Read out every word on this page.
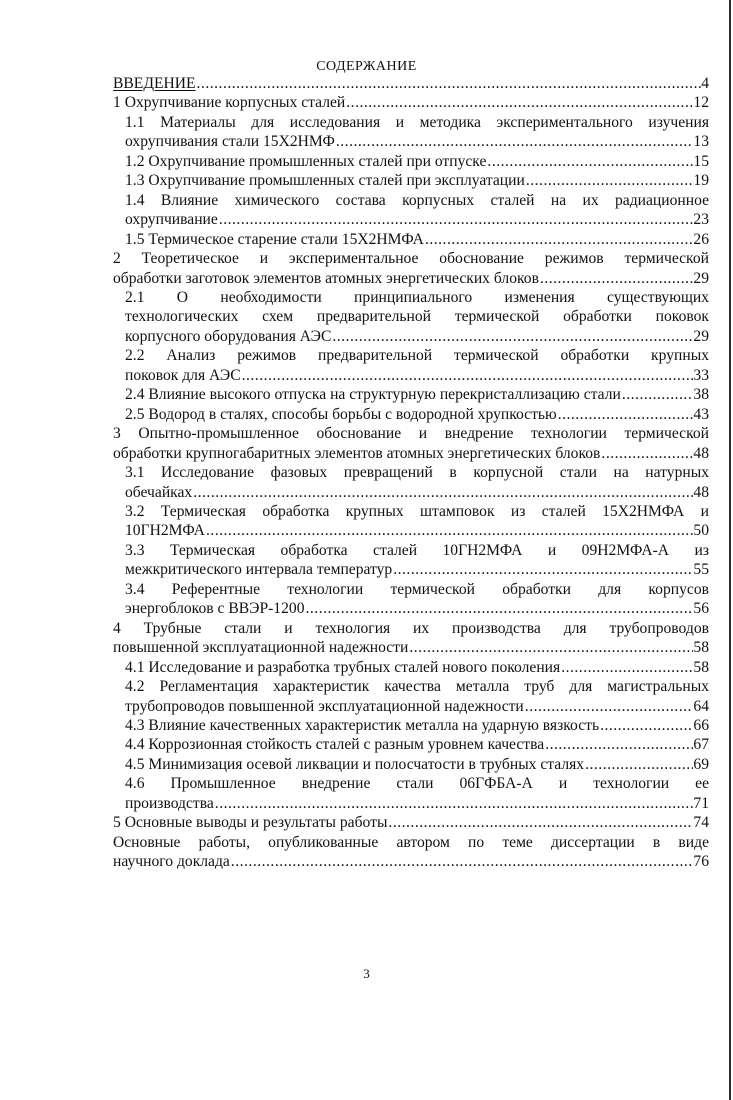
СОДЕРЖАНИЕ
ВВЕДЕНИЕ .....	4
1 Охрупчивание корпусных сталей .....	12
1.1 Материалы для исследования и методика экспериментального изучения
охрупчивания стали 15Х2НМФ .....	13
1.2 Охрупчивание промышленных сталей при отпуске .....	15
1.3 Охрупчивание промышленных сталей при эксплуатации .....	19
1.4 Влияние химического состава корпусных сталей на их радиационное
охрупчивание .....	23
1.5 Термическое старение стали 15Х2НМФА .....	26
2 Теоретическое и экспериментальное обоснование режимов термической
обработки заготовок элементов атомных энергетических блоков .....	29
2.1 О необходимости принципиального изменения существующих
технологических схем предварительной термической обработки поковок
корпусного оборудования АЭС .....	29
2.2 Анализ режимов предварительной термической обработки крупных
поковок для АЭС .....	33
2.4 Влияние высокого отпуска на структурную перекристаллизацию стали .....	38
2.5 Водород в сталях, способы борьбы с водородной хрупкостью .....	43
3 Опытно-промышленное обоснование и внедрение технологии термической
обработки крупногабаритных элементов атомных энергетических блоков .....	48
3.1 Исследование фазовых превращений в корпусной стали на натурных
обечайках .....	48
3.2 Термическая обработка крупных штамповок из сталей 15Х2НМФА и
10ГН2МФА .....	50
3.3 Термическая обработка сталей 10ГН2МФА и 09Н2МФА-А из
межкритического интервала температур .....	55
3.4 Референтные технологии термической обработки для корпусов
энергоблоков с ВВЭР-1200 .....	56
4 Трубные стали и технология их производства для трубопроводов
повышенной эксплуатационной надежности .....	58
4.1 Исследование и разработка трубных сталей нового поколения .....	58
4.2 Регламентация характеристик качества металла труб для магистральных
трубопроводов повышенной эксплуатационной надежности .....	64
4.3 Влияние качественных характеристик металла на ударную вязкость .....	66
4.4 Коррозионная стойкость сталей с разным уровнем качества .....	67
4.5 Минимизация осевой ликвации и полосчатости в трубных сталях .....	69
4.6 Промышленное внедрение стали 06ГФБА-А и технологии ее
производства .....	71
5 Основные выводы и результаты работы .....	74
Основные работы, опубликованные автором по теме диссертации в виде
научного доклада .....	76
3
